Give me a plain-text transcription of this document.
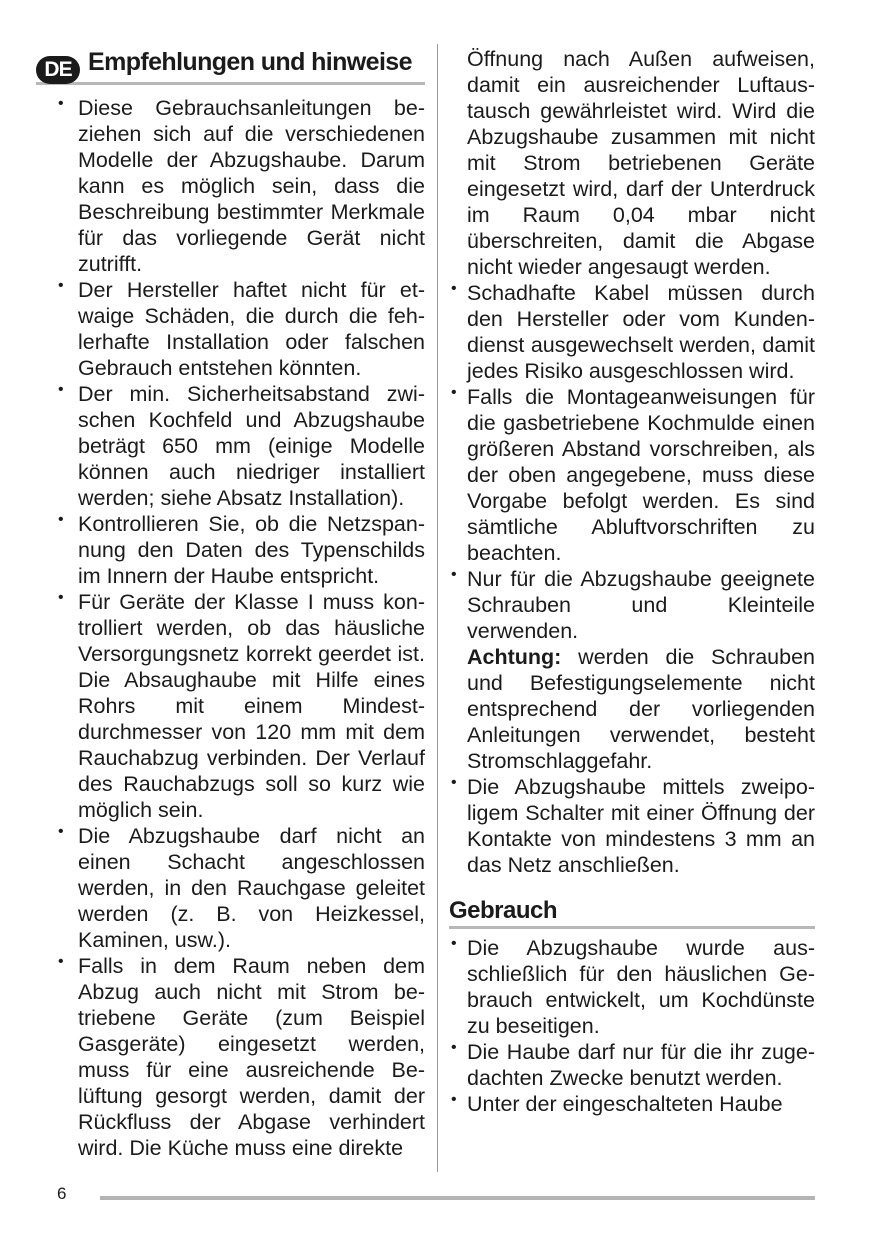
DE Empfehlungen und hinweise
• Diese Gebrauchsanleitungen beziehen sich auf die verschiedenen Modelle der Abzugshaube. Darum kann es möglich sein, dass die Beschreibung bestimmter Merkmale für das vorliegende Gerät nicht zutrifft.

• Der Hersteller haftet nicht für etwaige Schäden, die durch die fehlerhafte Installation oder falschen Gebrauch entstehen könnten.

• Der min. Sicherheitsabstand zwischen Kochfeld und Abzugshaube beträgt 650 mm (einige Modelle können auch niedriger installiert werden; siehe Absatz Installation).

• Kontrollieren Sie, ob die Netzspannung den Daten des Typenschilds im Innern der Haube entspricht.

• Für Geräte der Klasse I muss kontrolliert werden, ob das häusliche Versorgungsnetz korrekt geerdet ist. Die Absaughaube mit Hilfe eines Rohrs mit einem Mindestdurchmesser von 120 mm mit dem Rauchabzug verbinden. Der Verlauf des Rauchabzugs soll so kurz wie möglich sein.

• Die Abzugshaube darf nicht an einen Schacht angeschlossen werden, in den Rauchgase geleitet werden (z. B. von Heizkessel, Kaminen, usw.).

• Falls in dem Raum neben dem Abzug auch nicht mit Strom betriebene Geräte (zum Beispiel Gasgeräte) eingesetzt werden, muss für eine ausreichende Belüftung gesorgt werden, damit der Rückfluss der Abgase verhindert wird. Die Küche muss eine direkte

Öffnung nach Außen aufweisen, damit ein ausreichender Luftaustausch gewährleistet wird. Wird die Abzugshaube zusammen mit nicht mit Strom betriebenen Geräte eingesetzt wird, darf der Unterdruck im Raum 0,04 mbar nicht überschreiten, damit die Abgase nicht wieder angesaugt werden.

• Schadhafte Kabel müssen durch den Hersteller oder vom Kundendienst ausgewechselt werden, damit jedes Risiko ausgeschlossen wird.

• Falls die Montageanweisungen für die gasbetriebene Kochmulde einen größeren Abstand vorschreiben, als der oben angegebene, muss diese Vorgabe befolgt werden. Es sind sämtliche Abluftvorschriften zu beachten.

• Nur für die Abzugshaube geeignete Schrauben und Kleinteile verwenden.

Achtung: werden die Schrauben und Befestigungselemente nicht entsprechend der vorliegenden Anleitungen verwendet, besteht Stromschlaggefahr.

• Die Abzugshaube mittels zweipoligem Schalter mit einer Öffnung der Kontakte von mindestens 3 mm an das Netz anschließen.

Gebrauch
• Die Abzugshaube wurde ausschließlich für den häuslichen Gebrauch entwickelt, um Kochdünste zu beseitigen.

• Die Haube darf nur für die ihr zugedachten Zwecke benutzt werden.

• Unter der eingeschalteten Haube

6
